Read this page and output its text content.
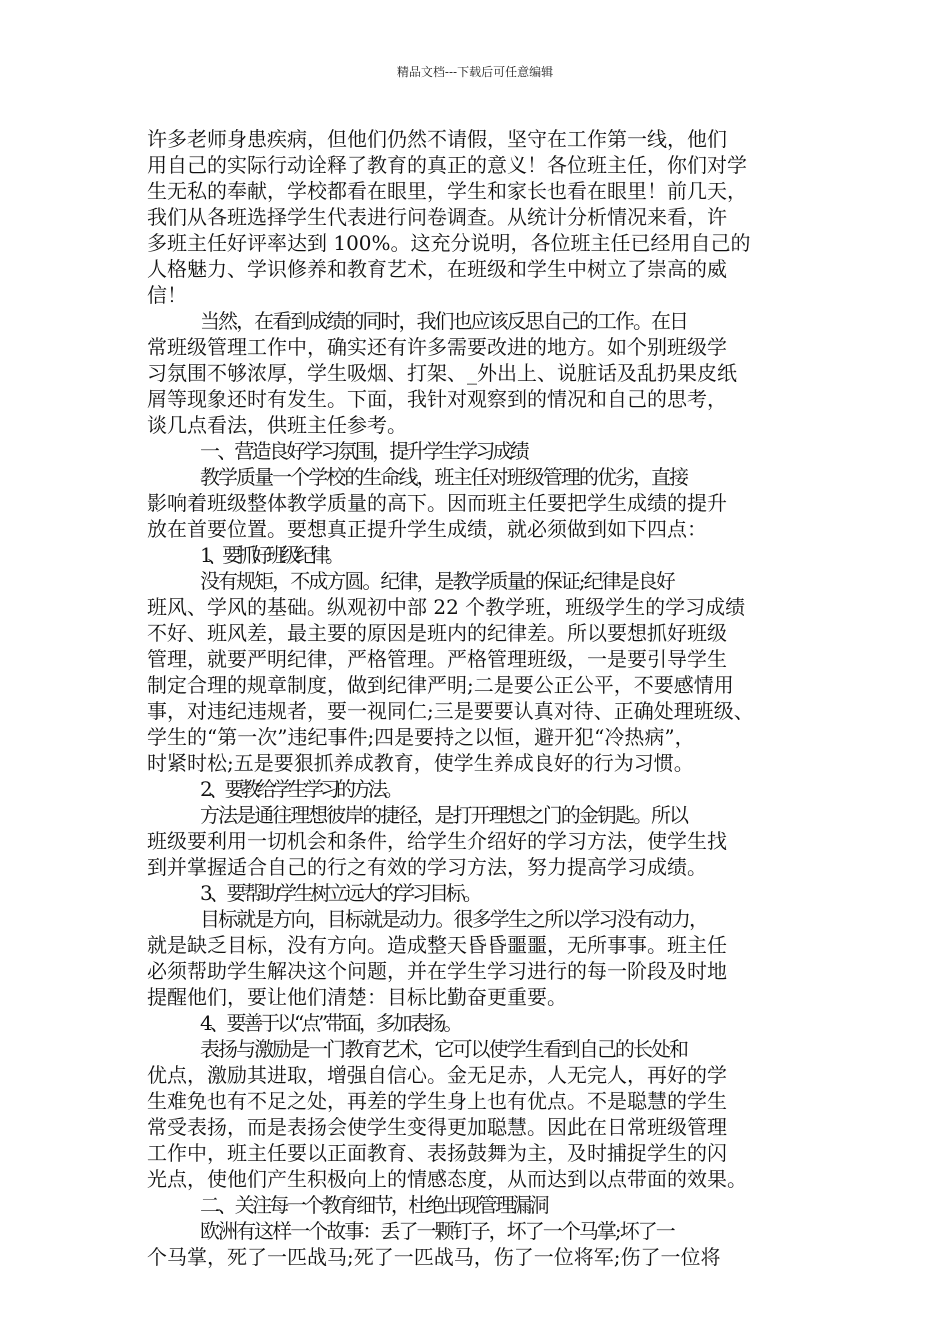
精品文档---下载后可任意编辑
许多老师身患疾病，但他们仍然不请假，坚守在工作第一线，他们
用自己的实际行动诠释了教育的真正的意义！各位班主任，你们对学
生无私的奉献，学校都看在眼里，学生和家长也看在眼里！前几天，
我们从各班选择学生代表进行问卷调查。从统计分析情况来看，许
多班主任好评率达到 100%。这充分说明，各位班主任已经用自己的
人格魅力、学识修养和教育艺术，在班级和学生中树立了崇高的威
信！
当然，在看到成绩的同时，我们也应该反思自己的工作。在日
常班级管理工作中，确实还有许多需要改进的地方。如个别班级学
习氛围不够浓厚，学生吸烟、打架、_外出上、说脏话及乱扔果皮纸
屑等现象还时有发生。下面，我针对观察到的情况和自己的思考，
谈几点看法，供班主任参考。
一、营造良好学习氛围，提升学生学习成绩
教学质量一个学校的生命线，班主任对班级管理的优劣，直接
影响着班级整体教学质量的高下。因而班主任要把学生成绩的提升
放在首要位置。要想真正提升学生成绩，就必须做到如下四点：
1、要抓好班级纪律。
没有规矩，不成方圆。纪律，是教学质量的保证;纪律是良好
班风、学风的基础。纵观初中部 22 个教学班，班级学生的学习成绩
不好、班风差，最主要的原因是班内的纪律差。所以要想抓好班级
管理，就要严明纪律，严格管理。严格管理班级，一是要引导学生
制定合理的规章制度，做到纪律严明;二是要公正公平，不要感情用
事，对违纪违规者，要一视同仁;三是要要认真对待、正确处理班级、
学生的“第一次”违纪事件;四是要持之以恒，避开犯“冷热病”，
时紧时松;五是要狠抓养成教育，使学生养成良好的行为习惯。
2、要教给学生学习的方法。
方法是通往理想彼岸的捷径，是打开理想之门的金钥匙。所以
班级要利用一切机会和条件，给学生介绍好的学习方法，使学生找
到并掌握适合自己的行之有效的学习方法，努力提高学习成绩。
3、要帮助学生树立远大的学习目标。
目标就是方向，目标就是动力。很多学生之所以学习没有动力，
就是缺乏目标，没有方向。造成整天昏昏噩噩，无所事事。班主任
必须帮助学生解决这个问题，并在学生学习进行的每一阶段及时地
提醒他们，要让他们清楚：目标比勤奋更重要。
4、要善于以“点”带面，多加表扬。
表扬与激励是一门教育艺术，它可以使学生看到自己的长处和
优点，激励其进取，增强自信心。金无足赤，人无完人，再好的学
生难免也有不足之处，再差的学生身上也有优点。不是聪慧的学生
常受表扬，而是表扬会使学生变得更加聪慧。因此在日常班级管理
工作中，班主任要以正面教育、表扬鼓舞为主，及时捕捉学生的闪
光点，使他们产生积极向上的情感态度，从而达到以点带面的效果。
二、关注每一个教育细节，杜绝出现管理漏洞
欧洲有这样一个故事：丢了一颗钉子，坏了一个马掌;坏了一
个马掌，死了一匹战马;死了一匹战马，伤了一位将军;伤了一位将
